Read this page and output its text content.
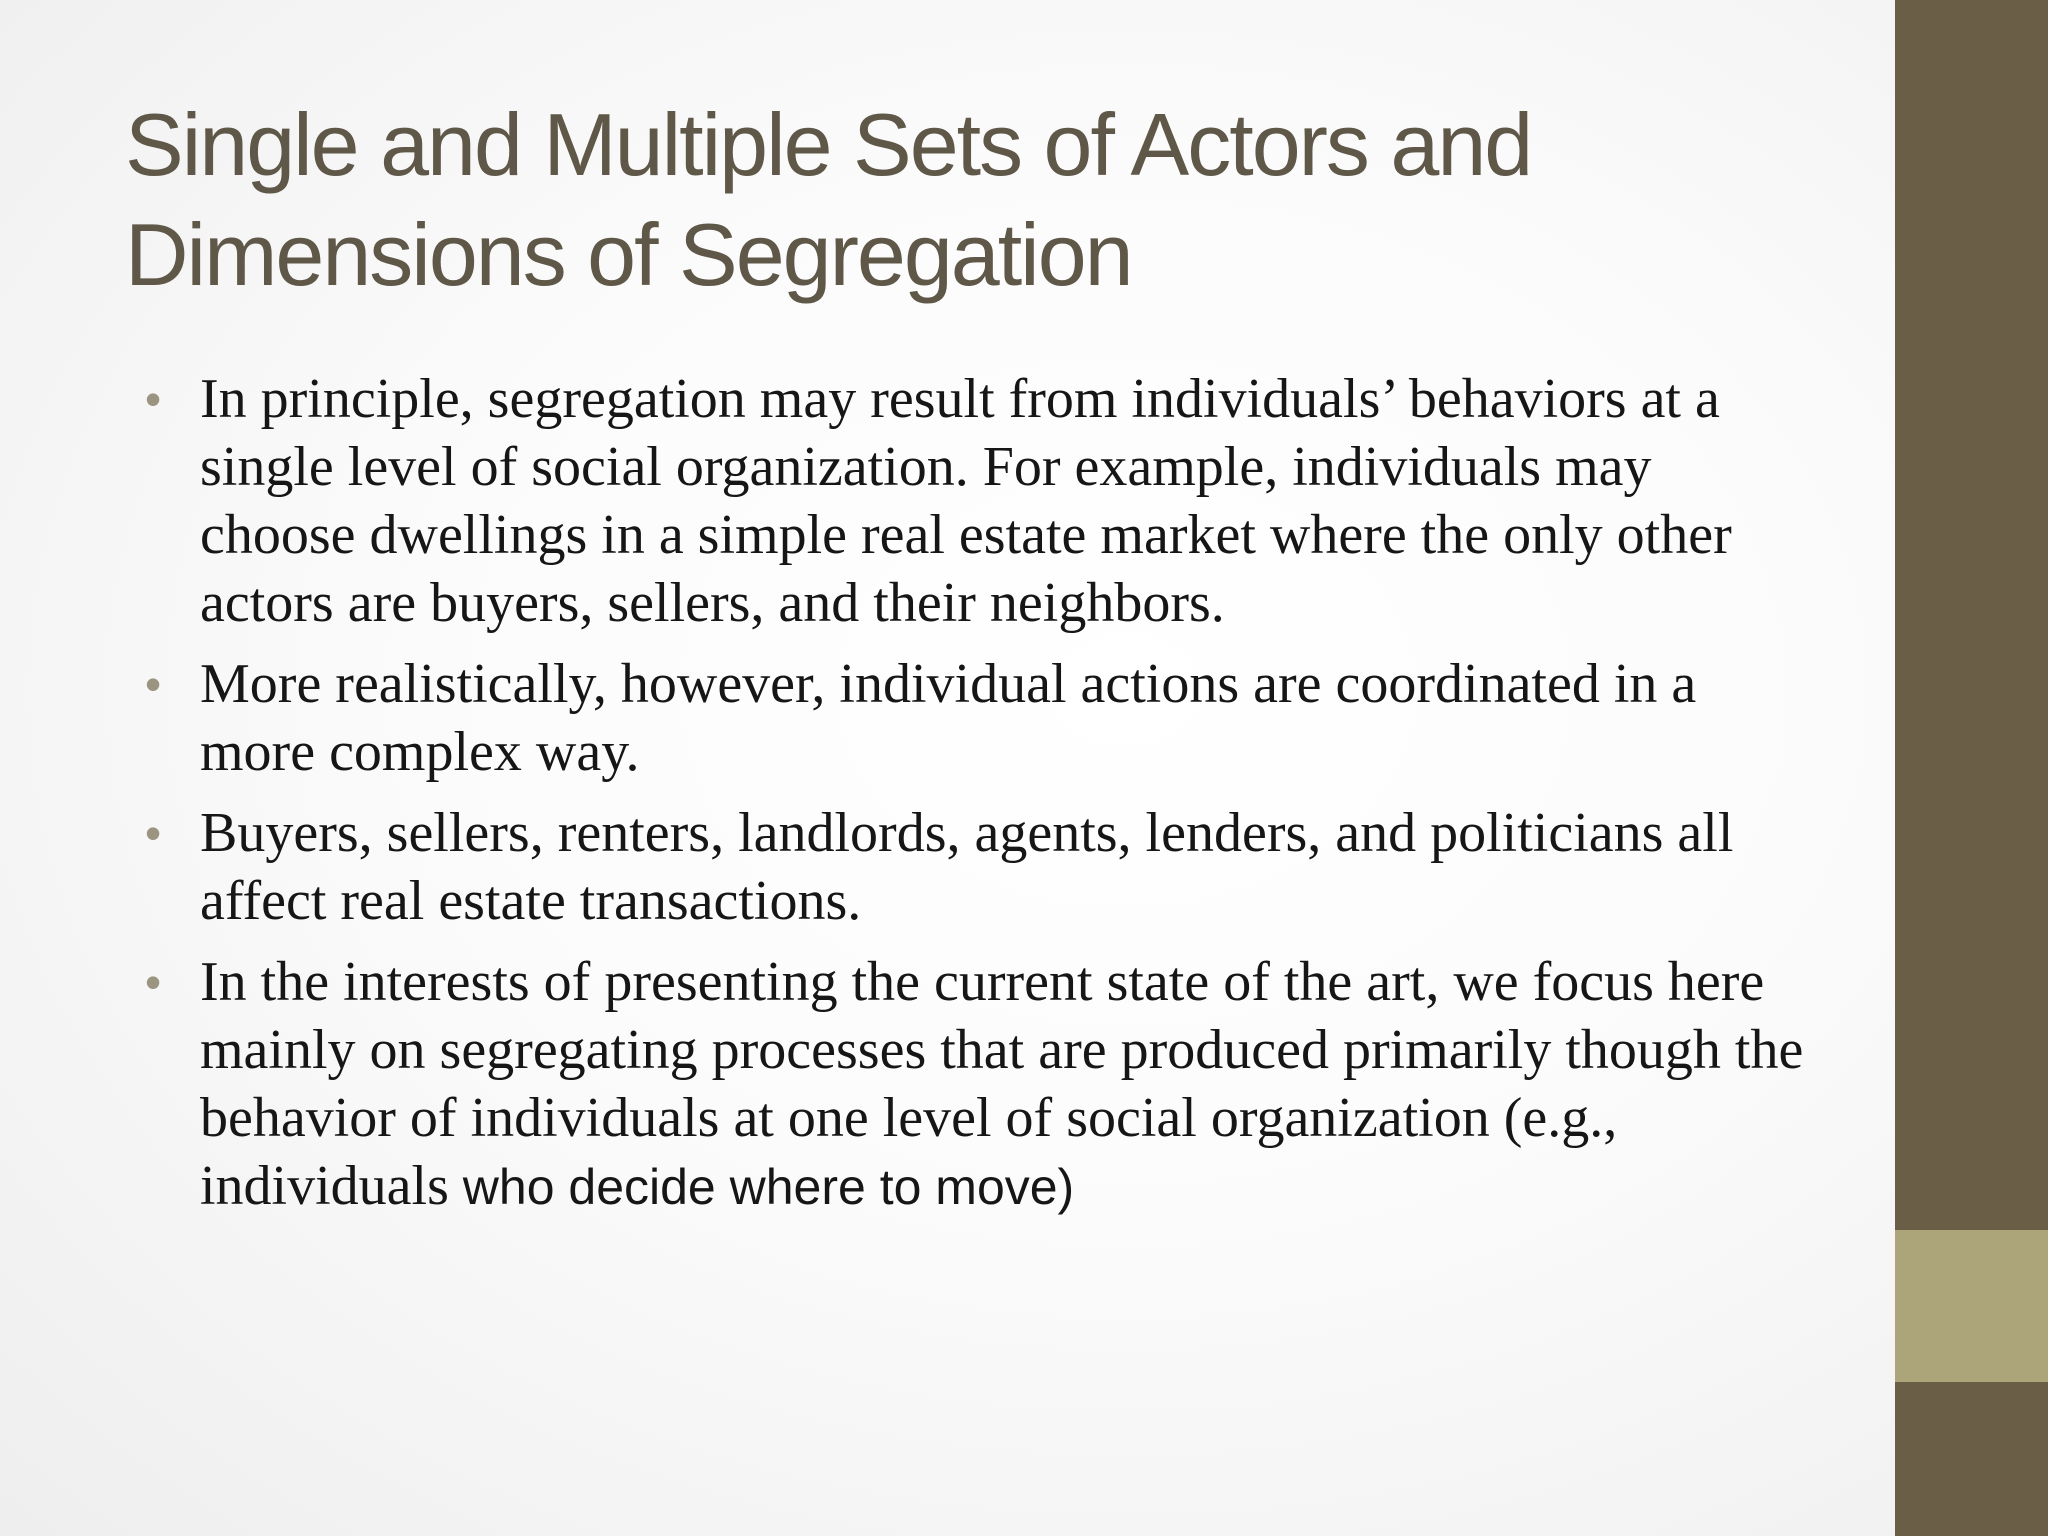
Single and Multiple Sets of Actors and
Dimensions of Segregation
• In principle, segregation may result from individuals’ behaviors at a single level of social organization. For example, individuals may choose dwellings in a simple real estate market where the only other actors are buyers, sellers, and their neighbors.
• More realistically, however, individual actions are coordinated in a more complex way.
• Buyers, sellers, renters, landlords, agents, lenders, and politicians all affect real estate transactions.
• In the interests of presenting the current state of the art, we focus here mainly on segregating processes that are produced primarily though the behavior of individuals at one level of social organization (e.g., individuals who decide where to move)
